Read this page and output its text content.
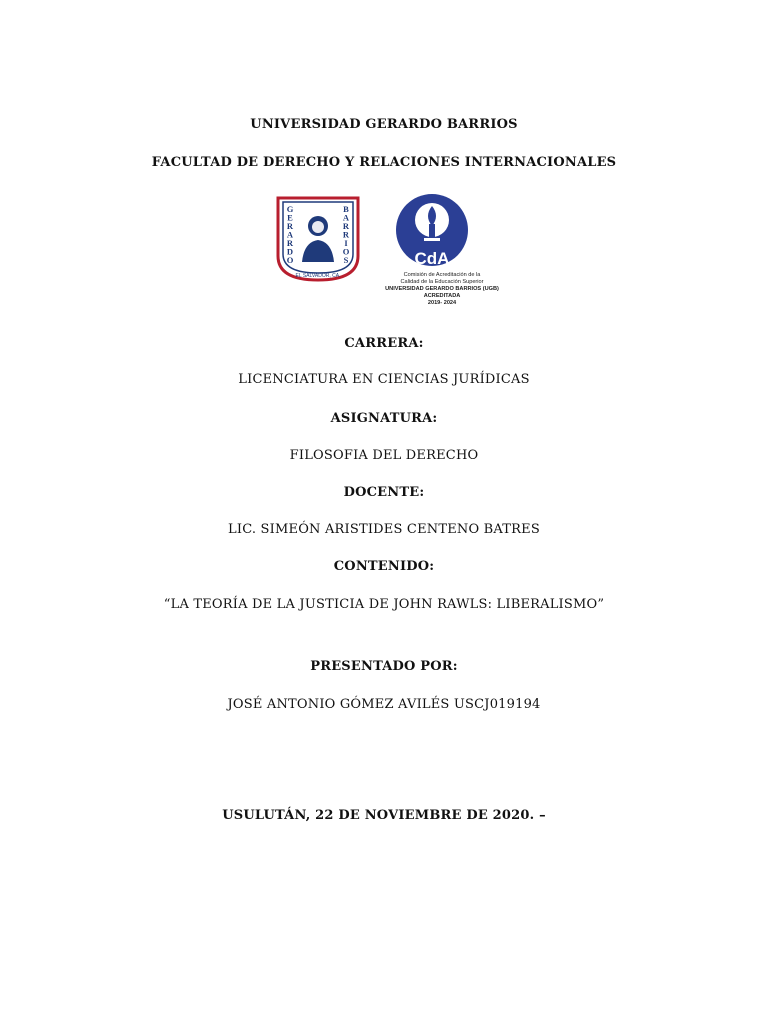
UNIVERSIDAD GERARDO BARRIOS
FACULTAD DE DERECHO Y RELACIONES INTERNACIONALES
G E R A R D O
B A R R I O S
EL SALVADOR, CA.
CdA
Comisión de Acreditación de la
Calidad de la Educación Superior
UNIVERSIDAD GERARDO BARRIOS (UGB)
ACREDITADA
2019- 2024
CARRERA:
LICENCIATURA EN CIENCIAS JURÍDICAS
ASIGNATURA:
FILOSOFIA DEL DERECHO
DOCENTE:
LIC. SIMEÓN ARISTIDES CENTENO BATRES
CONTENIDO:
“LA TEORÍA DE LA JUSTICIA DE JOHN RAWLS: LIBERALISMO”
PRESENTADO POR:
JOSÉ ANTONIO GÓMEZ AVILÉS USCJ019194
USULUTÁN, 22 DE NOVIEMBRE DE 2020. –
